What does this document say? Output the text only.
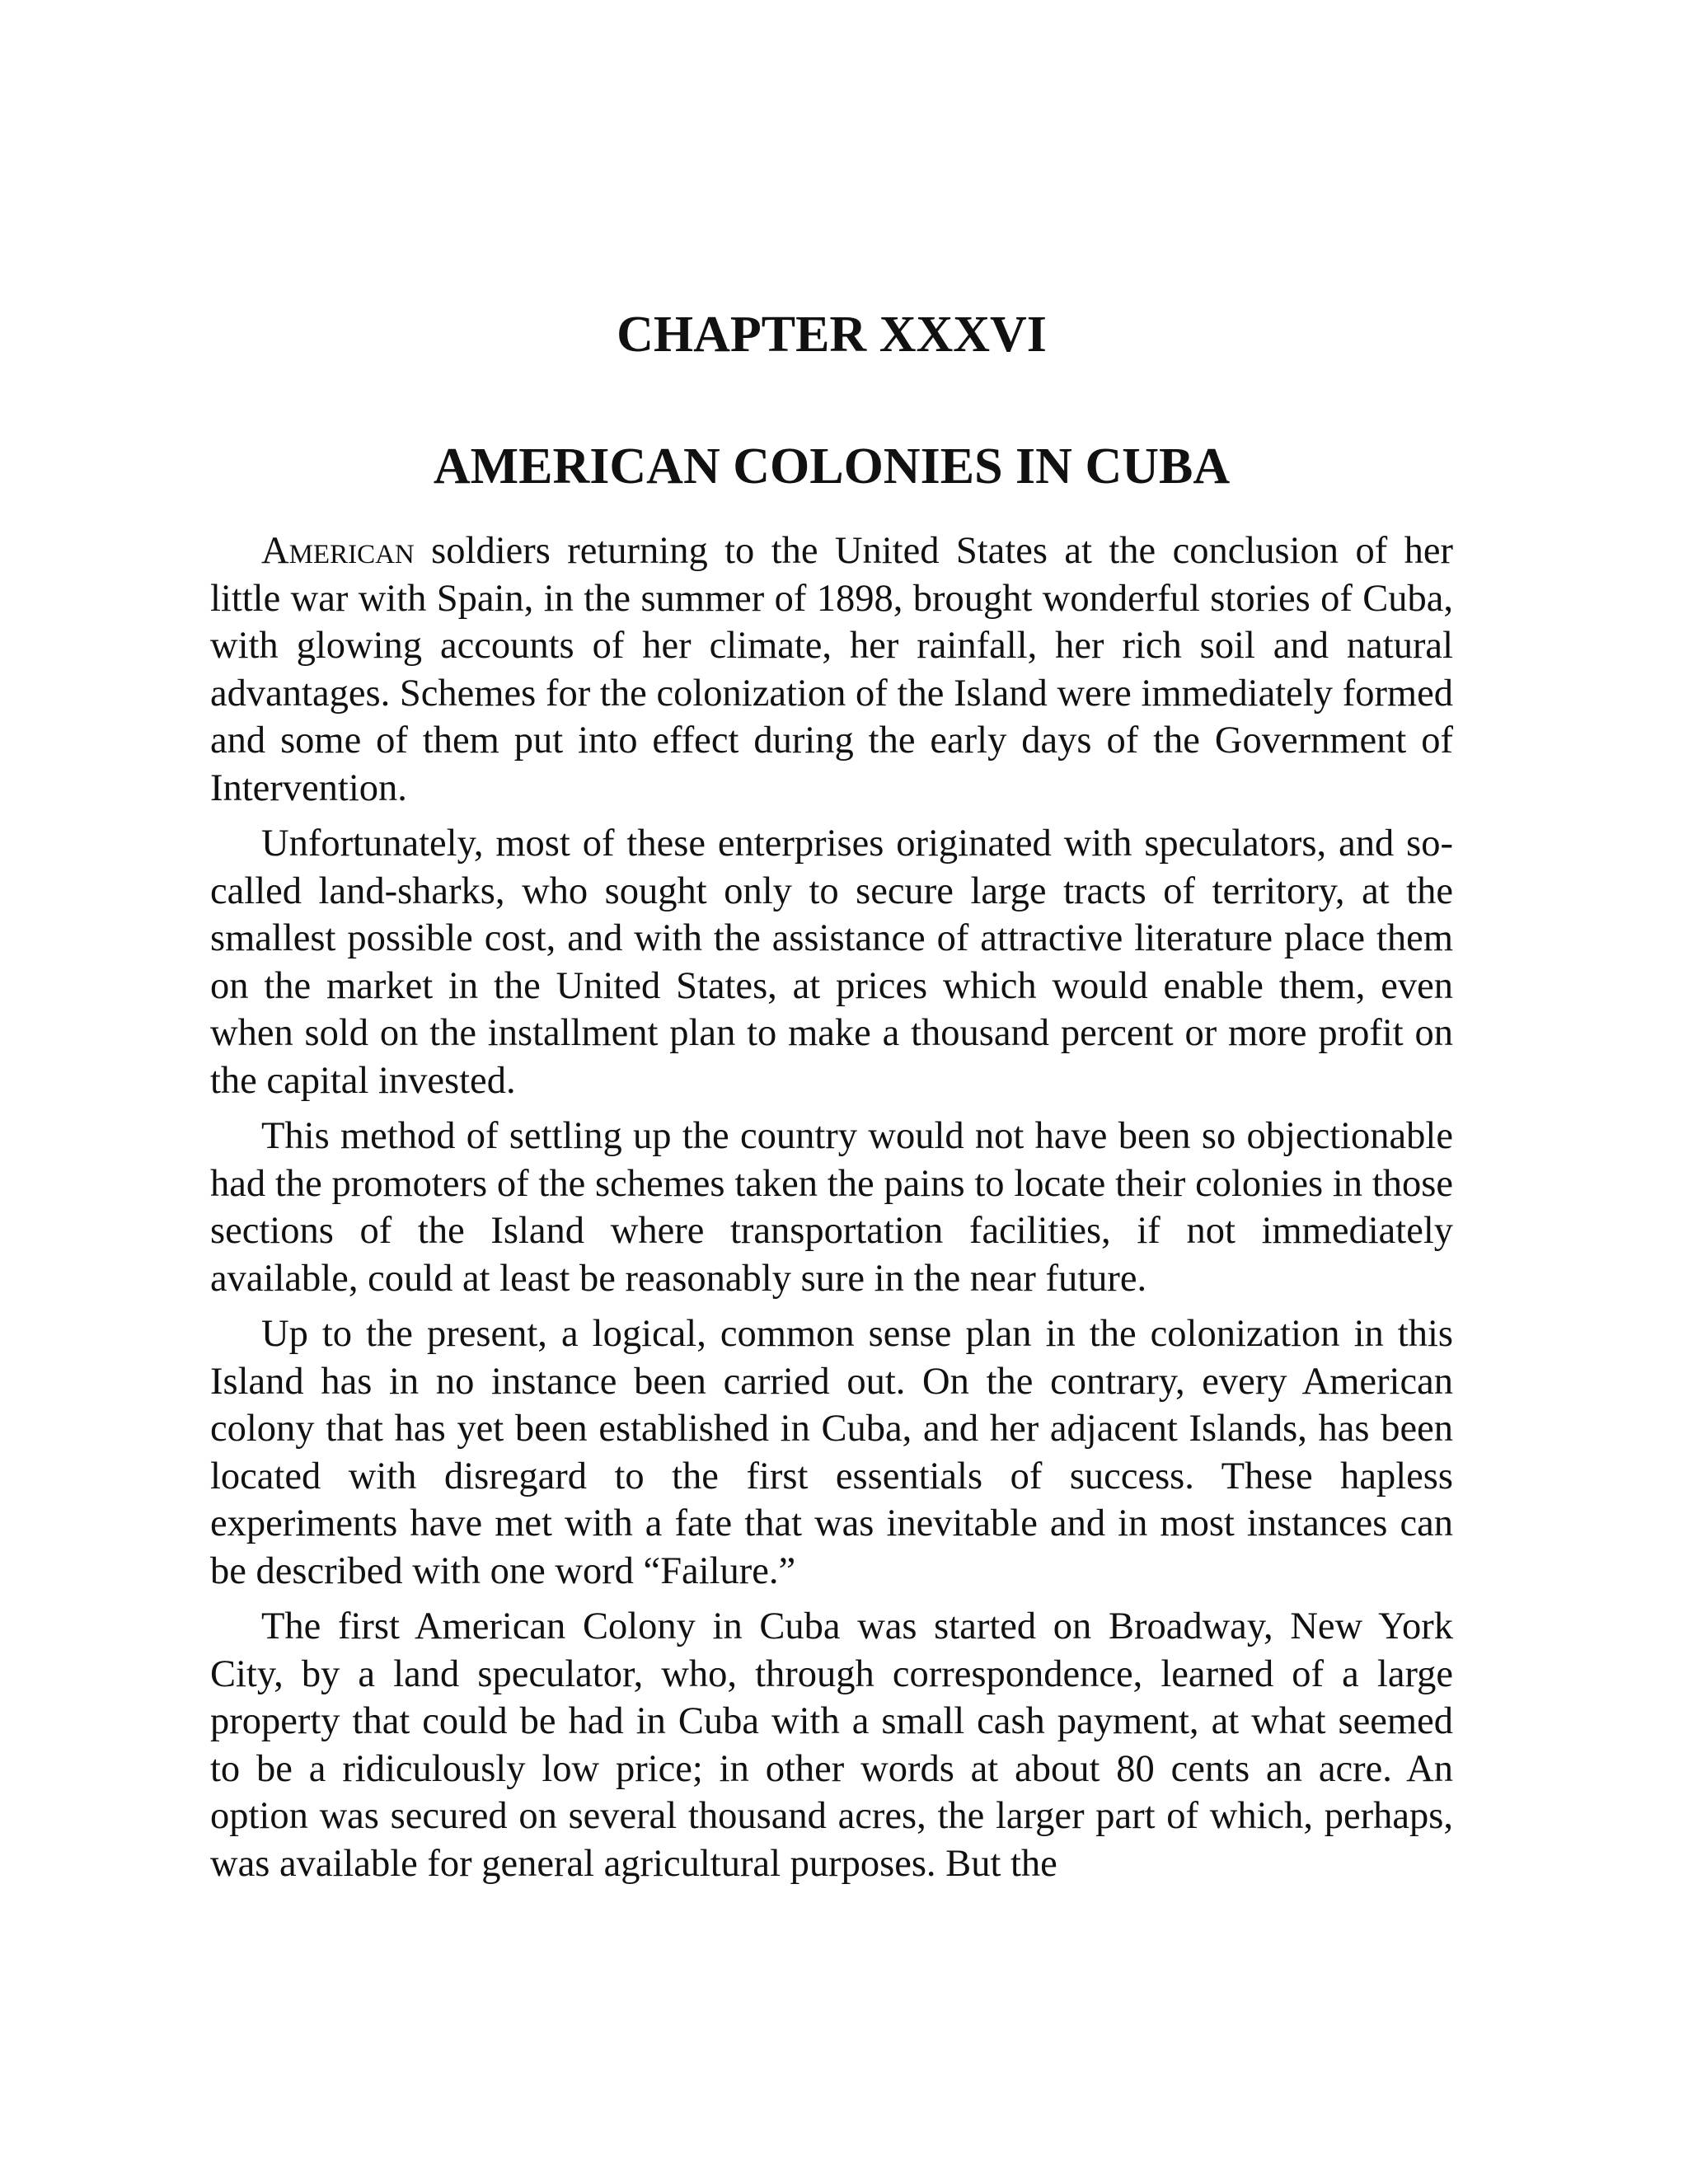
CHAPTER XXXVI
AMERICAN COLONIES IN CUBA

American soldiers returning to the United States at the conclusion of her little war with Spain, in the summer of 1898, brought wonderful stories of Cuba, with glowing accounts of her climate, her rainfall, her rich soil and natural advantages. Schemes for the colonization of the Island were immediately formed and some of them put into effect during the early days of the Government of Intervention.

Unfortunately, most of these enterprises originated with speculators, and so-called land-sharks, who sought only to secure large tracts of territory, at the smallest possible cost, and with the assistance of attractive literature place them on the market in the United States, at prices which would enable them, even when sold on the installment plan to make a thousand percent or more profit on the capital invested.

This method of settling up the country would not have been so objectionable had the promoters of the schemes taken the pains to locate their colonies in those sections of the Island where transportation facilities, if not immediately available, could at least be reasonably sure in the near future.

Up to the present, a logical, common sense plan in the colonization in this Island has in no instance been carried out. On the contrary, every American colony that has yet been established in Cuba, and her adjacent Islands, has been located with disregard to the first essentials of success. These hapless experiments have met with a fate that was inevitable and in most instances can be described with one word “Failure.”

The first American Colony in Cuba was started on Broadway, New York City, by a land speculator, who, through correspondence, learned of a large property that could be had in Cuba with a small cash payment, at what seemed to be a ridiculously low price; in other words at about 80 cents an acre. An option was secured on several thousand acres, the larger part of which, perhaps, was available for general agricultural purposes. But the
